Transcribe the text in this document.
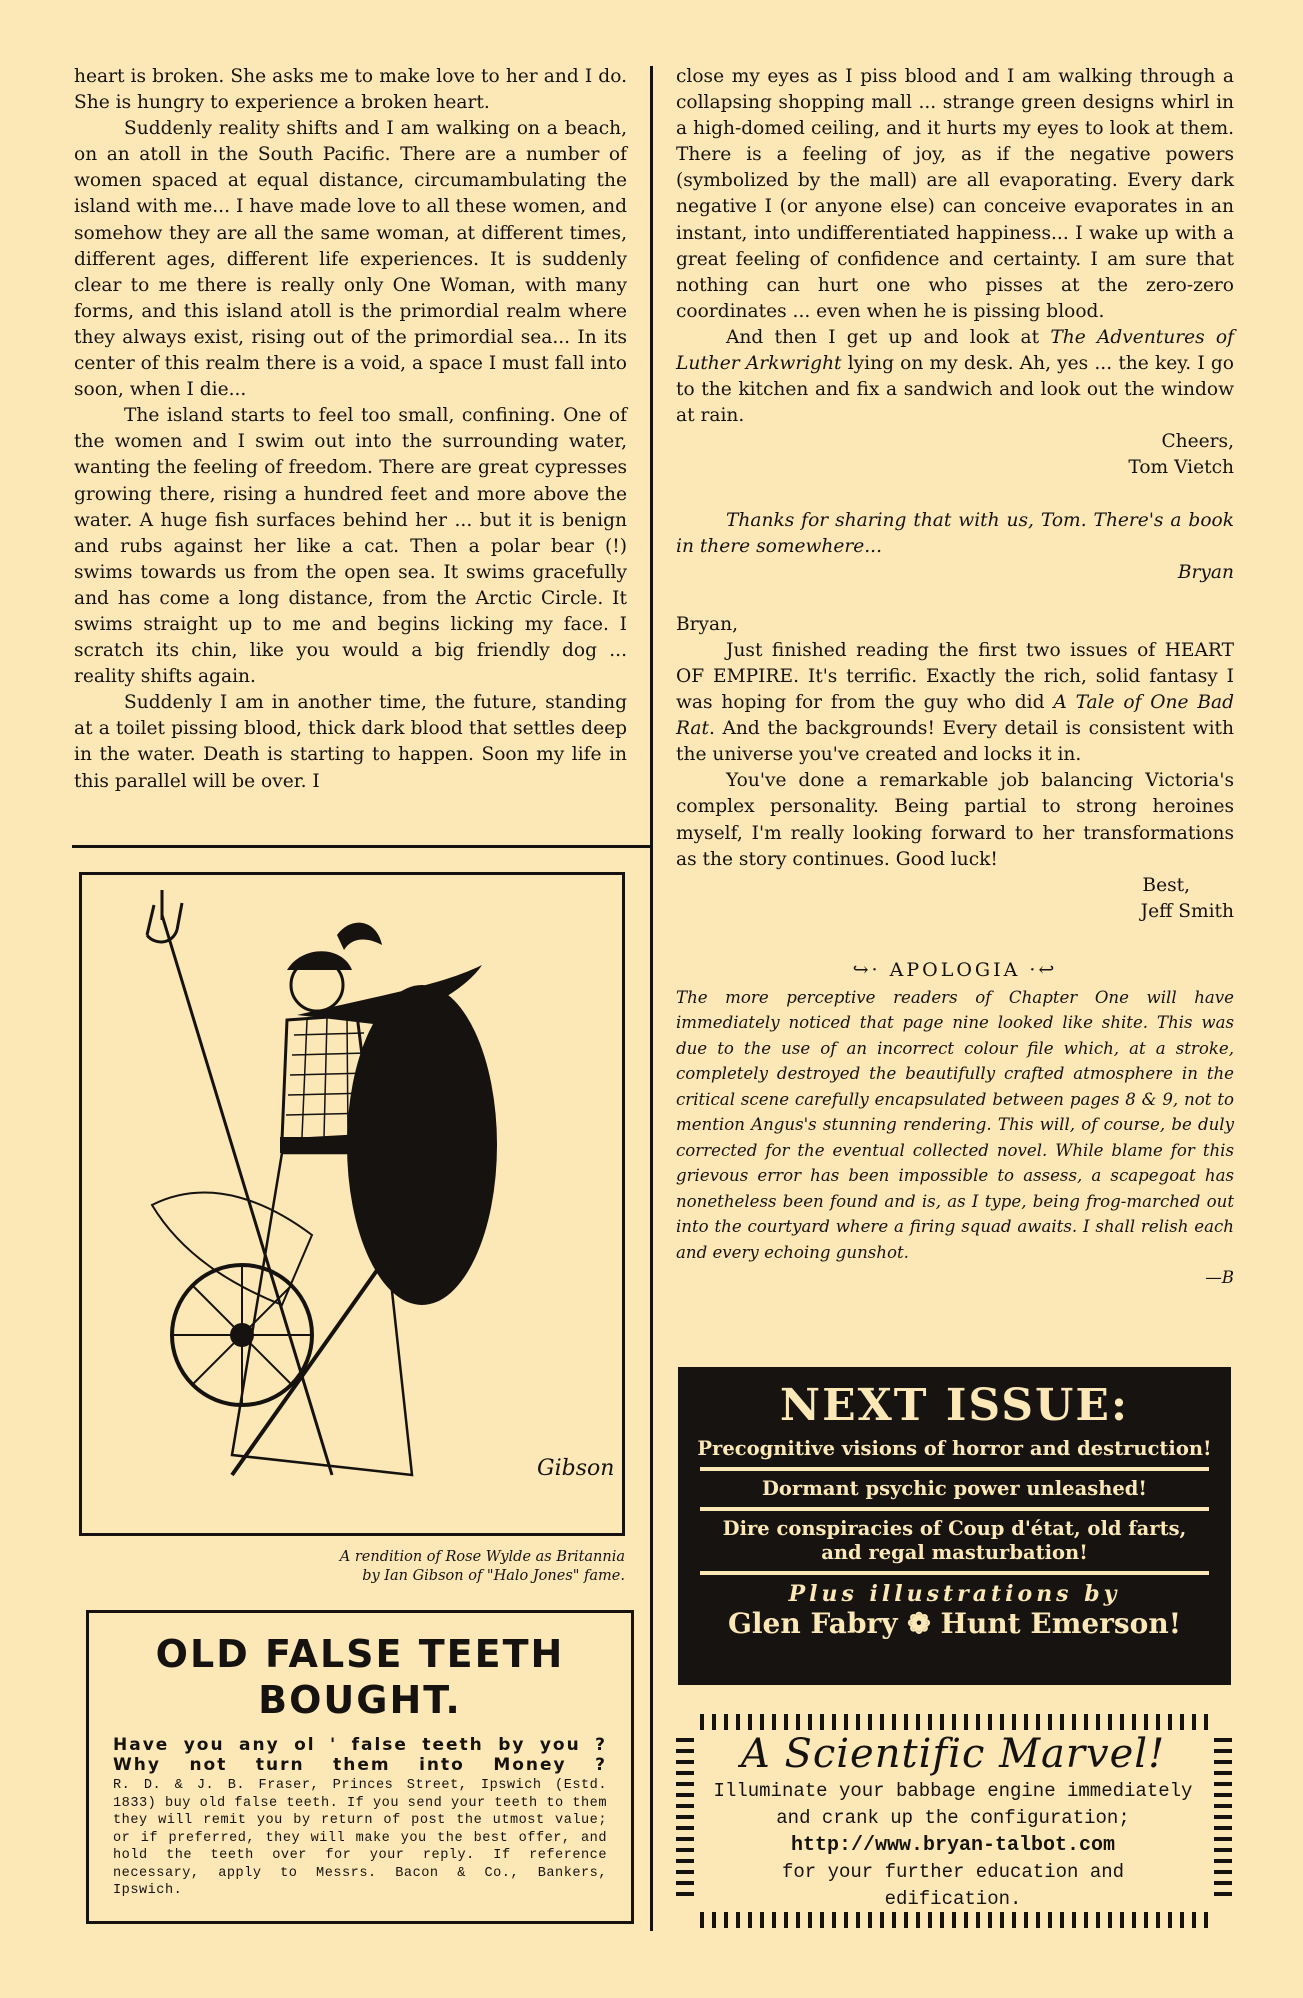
heart is broken. She asks me to make love to her and I do. She is hungry to experience a broken heart.

Suddenly reality shifts and I am walking on a beach, on an atoll in the South Pacific. There are a number of women spaced at equal distance, circumambulating the island with me... I have made love to all these women, and somehow they are all the same woman, at different times, different ages, different life experiences. It is suddenly clear to me there is really only One Woman, with many forms, and this island atoll is the primordial realm where they always exist, rising out of the primordial sea... In its center of this realm there is a void, a space I must fall into soon, when I die...

The island starts to feel too small, confining. One of the women and I swim out into the surrounding water, wanting the feeling of freedom. There are great cypresses growing there, rising a hundred feet and more above the water. A huge fish surfaces behind her ... but it is benign and rubs against her like a cat. Then a polar bear (!) swims towards us from the open sea. It swims gracefully and has come a long distance, from the Arctic Circle. It swims straight up to me and begins licking my face. I scratch its chin, like you would a big friendly dog ... reality shifts again.

Suddenly I am in another time, the future, standing at a toilet pissing blood, thick dark blood that settles deep in the water. Death is starting to happen. Soon my life in this parallel will be over. I

close my eyes as I piss blood and I am walking through a collapsing shopping mall ... strange green designs whirl in a high-domed ceiling, and it hurts my eyes to look at them. There is a feeling of joy, as if the negative powers (symbolized by the mall) are all evaporating. Every dark negative I (or anyone else) can conceive evaporates in an instant, into undifferentiated happiness... I wake up with a great feeling of confidence and certainty. I am sure that nothing can hurt one who pisses at the zero-zero coordinates ... even when he is pissing blood.

And then I get up and look at The Adventures of Luther Arkwright lying on my desk. Ah, yes ... the key. I go to the kitchen and fix a sandwich and look out the window at rain.

Cheers,

Tom Vietch

Thanks for sharing that with us, Tom. There's a book in there somewhere...

Bryan

Bryan,

Just finished reading the first two issues of HEART OF EMPIRE. It's terrific. Exactly the rich, solid fantasy I was hoping for from the guy who did A Tale of One Bad Rat. And the backgrounds! Every detail is consistent with the universe you've created and locks it in.

You've done a remarkable job balancing Victoria's complex personality. Being partial to strong heroines myself, I'm really looking forward to her transformations as the story continues. Good luck!

Best,

Jeff Smith

↪· APOLOGIA ·↩

The more perceptive readers of Chapter One will have immediately noticed that page nine looked like shite. This was due to the use of an incorrect colour file which, at a stroke, completely destroyed the beautifully crafted atmosphere in the critical scene carefully encapsulated between pages 8 & 9, not to mention Angus's stunning rendering. This will, of course, be duly corrected for the eventual collected novel. While blame for this grievous error has been impossible to assess, a scapegoat has nonetheless been found and is, as I type, being frog-marched out into the courtyard where a firing squad awaits. I shall relish each and every echoing gunshot.

—B

Gibson
A rendition of Rose Wylde as Britannia
by Ian Gibson of "Halo Jones" fame.
OLD FALSE TEETH
BOUGHT.
Have you any ol ' false teeth by you ?
Why not turn them into Money ?
R. D. & J. B. Fraser, Princes Street, Ipswich (Estd. 1833) buy old false teeth. If you send your teeth to them they will remit you by return of post the utmost value; or if preferred, they will make you the best offer, and hold the teeth over for your reply. If reference necessary, apply to Messrs. Bacon & Co., Bankers, Ipswich.
NEXT ISSUE:
Precognitive visions of horror and destruction!
Dormant psychic power unleashed!
Dire conspiracies of Coup d'état, old farts,
and regal masturbation!
Plus illustrations by
Glen Fabry ❁ Hunt Emerson!
A Scientific Marvel!
Illuminate your babbage engine immediately
and crank up the configuration;
http://www.bryan-talbot.com
for your further education and edification.
